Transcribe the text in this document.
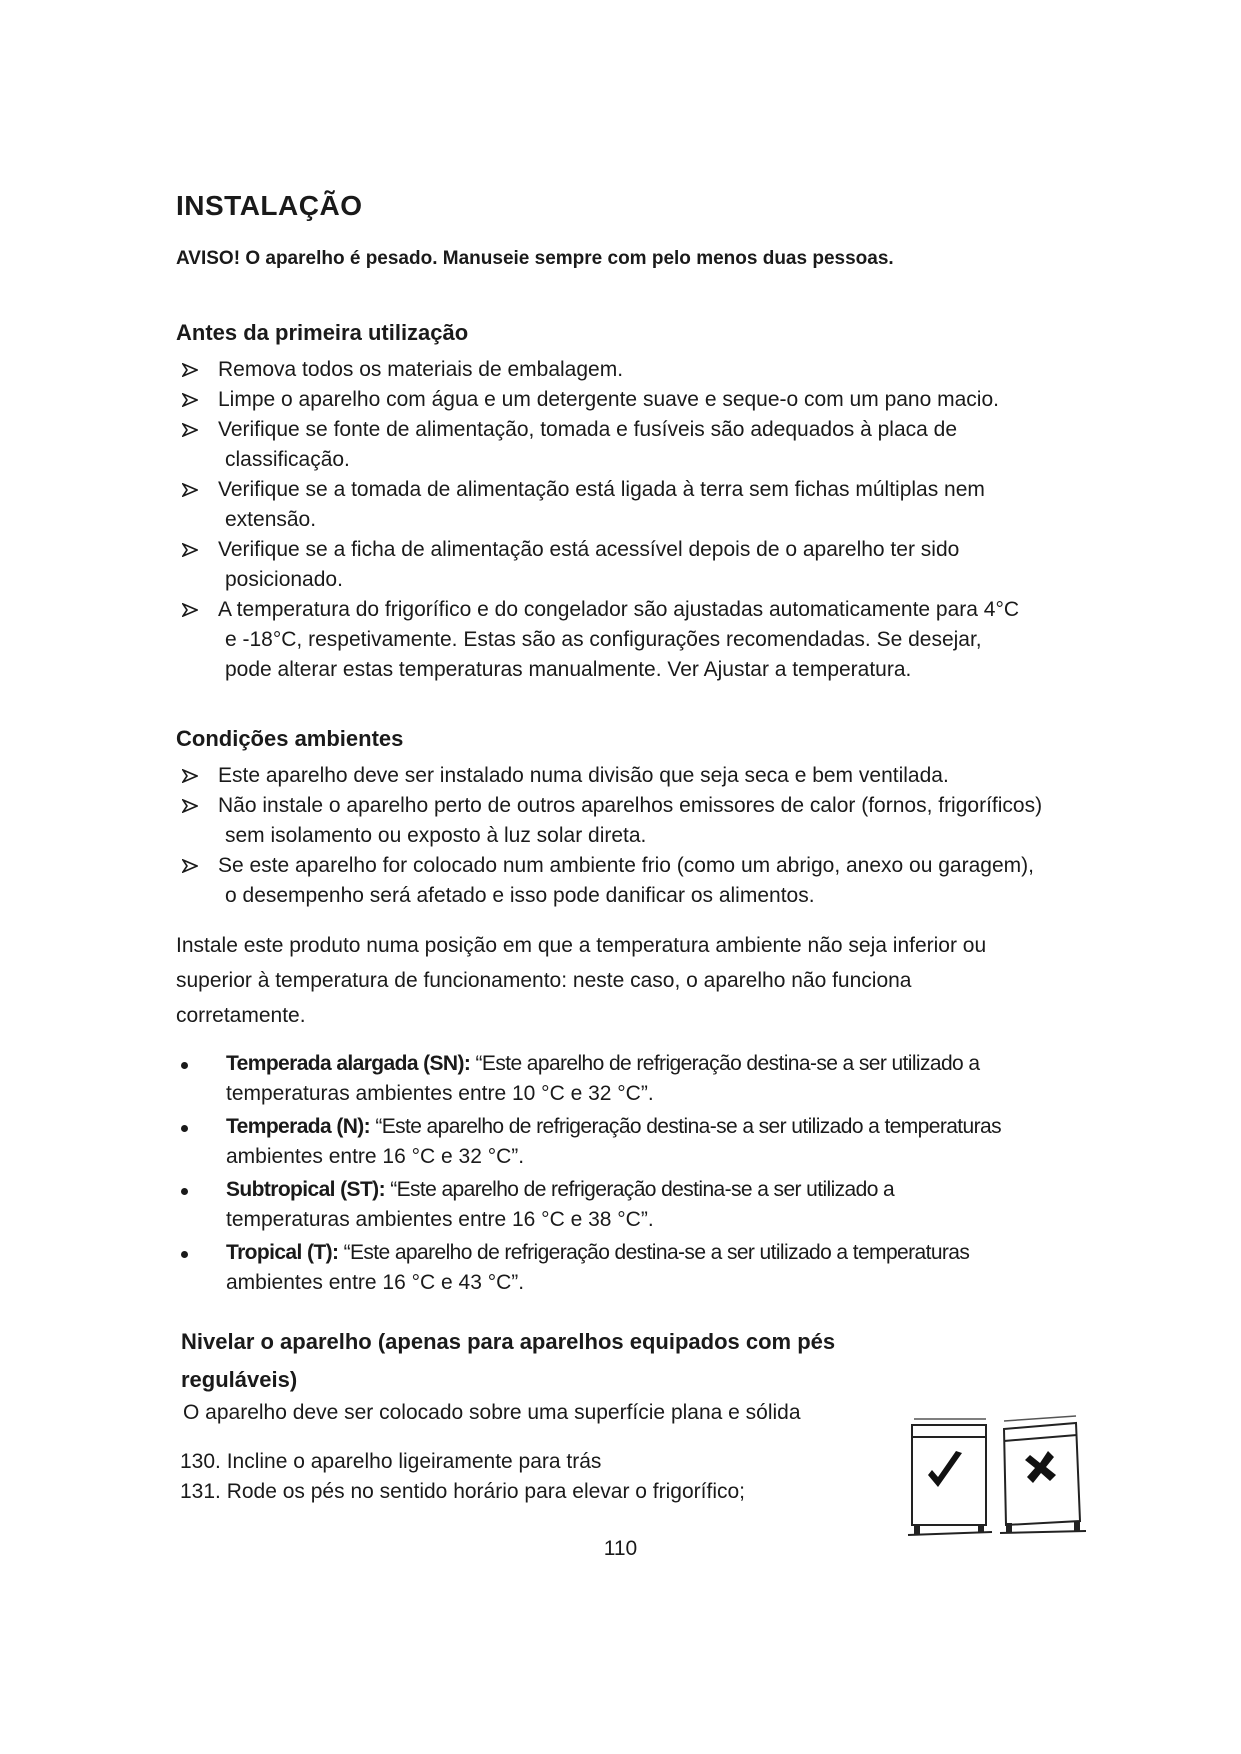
INSTALAÇÃO

AVISO! O aparelho é pesado. Manuseie sempre com pelo menos duas pessoas.

Antes da primeira utilização
Remova todos os materiais de embalagem.
Limpe o aparelho com água e um detergente suave e seque-o com um pano macio.
Verifique se fonte de alimentação, tomada e fusíveis são adequados à placa de
classificação.
Verifique se a tomada de alimentação está ligada à terra sem fichas múltiplas nem
extensão.
Verifique se a ficha de alimentação está acessível depois de o aparelho ter sido
posicionado.
A temperatura do frigorífico e do congelador são ajustadas automaticamente para 4°C
e -18°C, respetivamente. Estas são as configurações recomendadas. Se desejar,
pode alterar estas temperaturas manualmente. Ver Ajustar a temperatura.
Condições ambientes
Este aparelho deve ser instalado numa divisão que seja seca e bem ventilada.
Não instale o aparelho perto de outros aparelhos emissores de calor (fornos, frigoríficos)
sem isolamento ou exposto à luz solar direta.
Se este aparelho for colocado num ambiente frio (como um abrigo, anexo ou garagem),
o desempenho será afetado e isso pode danificar os alimentos.
Instale este produto numa posição em que a temperatura ambiente não seja inferior ou
superior à temperatura de funcionamento: neste caso, o aparelho não funciona
corretamente.
Temperada alargada (SN): “Este aparelho de refrigeração destina-se a ser utilizado a
temperaturas ambientes entre 10 °C e 32 °C”.
Temperada (N): “Este aparelho de refrigeração destina-se a ser utilizado a temperaturas
ambientes entre 16 °C e 32 °C”.
Subtropical (ST): “Este aparelho de refrigeração destina-se a ser utilizado a
temperaturas ambientes entre 16 °C e 38 °C”.
Tropical (T): “Este aparelho de refrigeração destina-se a ser utilizado a temperaturas
ambientes entre 16 °C e 43 °C”.
Nivelar o aparelho (apenas para aparelhos equipados com pés
reguláveis)

O aparelho deve ser colocado sobre uma superfície plana e sólida

130. Incline o aparelho ligeiramente para trás
131. Rode os pés no sentido horário para elevar o frigorífico;
110
